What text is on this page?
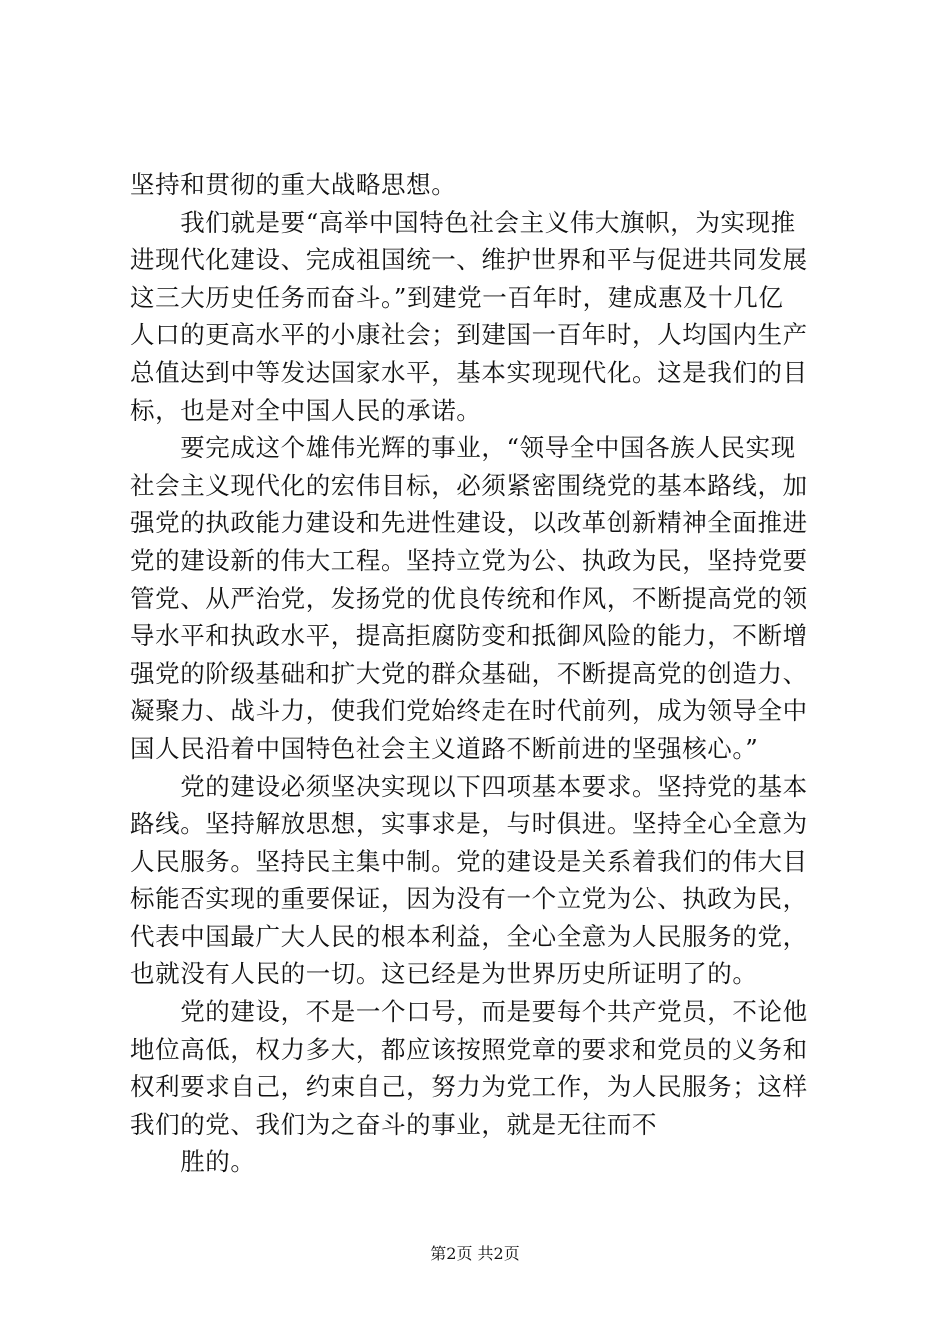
坚持和贯彻的重大战略思想。
　　我们就是要“高举中国特色社会主义伟大旗帜，为实现推
进现代化建设、完成祖国统一、维护世界和平与促进共同发展
这三大历史任务而奋斗。”到建党一百年时，建成惠及十几亿
人口的更高水平的小康社会；到建国一百年时，人均国内生产
总值达到中等发达国家水平，基本实现现代化。这是我们的目
标，也是对全中国人民的承诺。
　　要完成这个雄伟光辉的事业，“领导全中国各族人民实现
社会主义现代化的宏伟目标，必须紧密围绕党的基本路线，加
强党的执政能力建设和先进性建设，以改革创新精神全面推进
党的建设新的伟大工程。坚持立党为公、执政为民，坚持党要
管党、从严治党，发扬党的优良传统和作风，不断提高党的领
导水平和执政水平，提高拒腐防变和抵御风险的能力，不断增
强党的阶级基础和扩大党的群众基础，不断提高党的创造力、
凝聚力、战斗力，使我们党始终走在时代前列，成为领导全中
国人民沿着中国特色社会主义道路不断前进的坚强核心。”
　　党的建设必须坚决实现以下四项基本要求。坚持党的基本
路线。坚持解放思想，实事求是，与时俱进。坚持全心全意为
人民服务。坚持民主集中制。党的建设是关系着我们的伟大目
标能否实现的重要保证，因为没有一个立党为公、执政为民，
代表中国最广大人民的根本利益，全心全意为人民服务的党，
也就没有人民的一切。这已经是为世界历史所证明了的。
　　党的建设，不是一个口号，而是要每个共产党员，不论他
地位高低，权力多大，都应该按照党章的要求和党员的义务和
权利要求自己，约束自己，努力为党工作，为人民服务；这样
我们的党、我们为之奋斗的事业，就是无往而不
　　胜的。
第2页 共2页
